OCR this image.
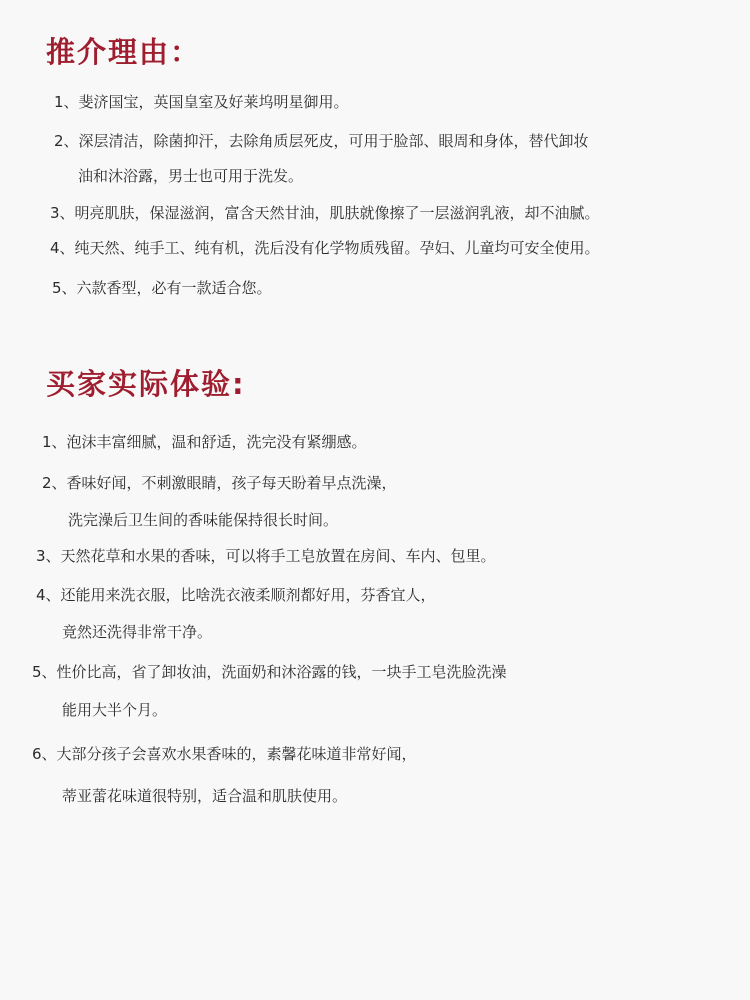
推介理由：
1、斐济国宝，英国皇室及好莱坞明星御用。
2、深层清洁，除菌抑汗，去除角质层死皮，可用于脸部、眼周和身体，替代卸妆
油和沐浴露，男士也可用于洗发。
3、明亮肌肤，保湿滋润，富含天然甘油，肌肤就像擦了一层滋润乳液，却不油腻。
4、纯天然、纯手工、纯有机，洗后没有化学物质残留。孕妇、儿童均可安全使用。
5、六款香型，必有一款适合您。
买家实际体验:
1、泡沫丰富细腻，温和舒适，洗完没有紧绷感。
2、香味好闻，不刺激眼睛，孩子每天盼着早点洗澡，
洗完澡后卫生间的香味能保持很长时间。
3、天然花草和水果的香味，可以将手工皂放置在房间、车内、包里。
4、还能用来洗衣服，比啥洗衣液柔顺剂都好用，芬香宜人，
竟然还洗得非常干净。
5、性价比高，省了卸妆油，洗面奶和沐浴露的钱，一块手工皂洗脸洗澡
能用大半个月。
6、大部分孩子会喜欢水果香味的，素馨花味道非常好闻，
蒂亚蕾花味道很特别，适合温和肌肤使用。
